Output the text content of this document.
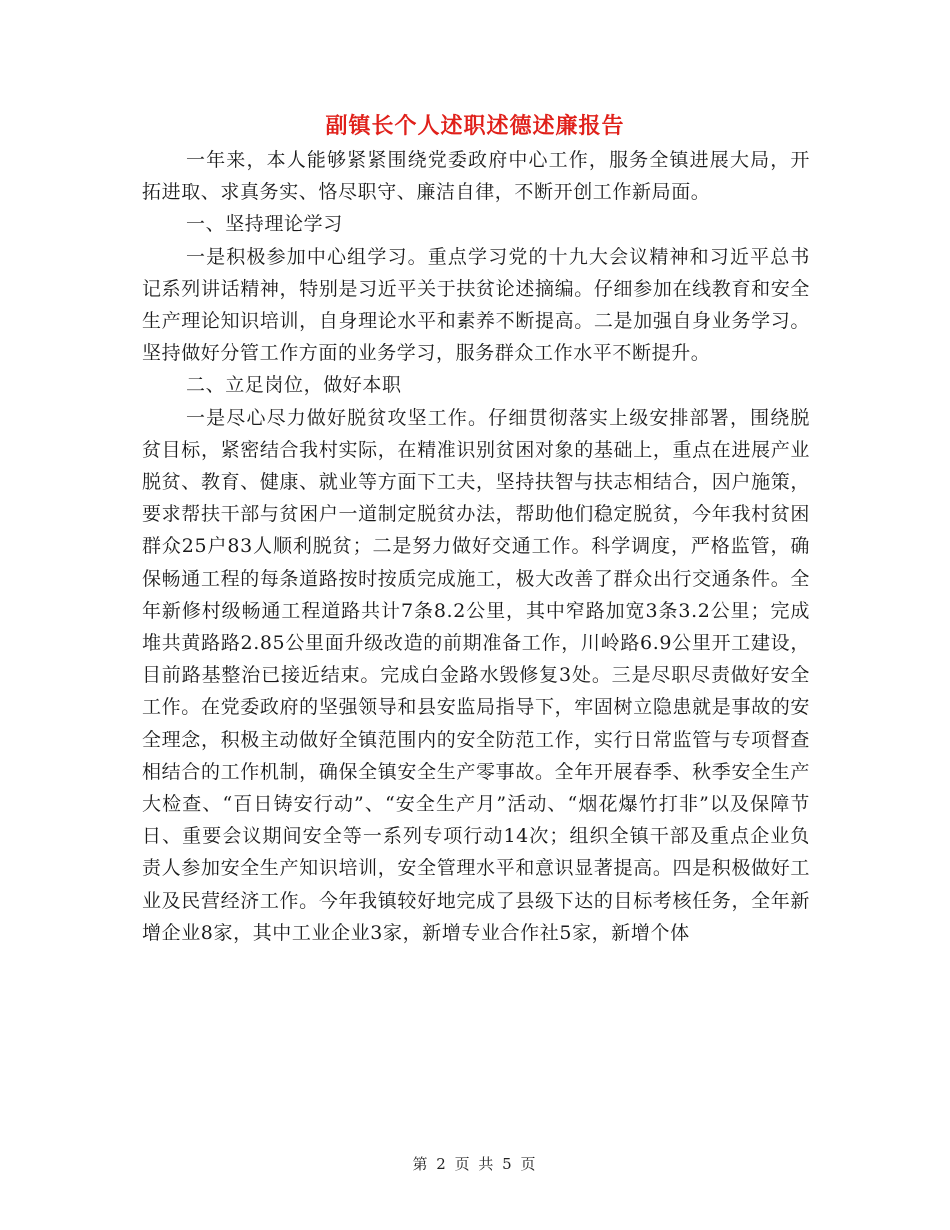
副镇长个人述职述德述廉报告

一年来，本人能够紧紧围绕党委政府中心工作，服务全镇进展大局，开拓进取、求真务实、恪尽职守、廉洁自律，不断开创工作新局面。

一、坚持理论学习

一是积极参加中心组学习。重点学习党的十九大会议精神和习近平总书记系列讲话精神，特别是习近平关于扶贫论述摘编。仔细参加在线教育和安全生产理论知识培训，自身理论水平和素养不断提高。二是加强自身业务学习。坚持做好分管工作方面的业务学习，服务群众工作水平不断提升。

二、立足岗位，做好本职

一是尽心尽力做好脱贫攻坚工作。仔细贯彻落实上级安排部署，围绕脱贫目标，紧密结合我村实际，在精准识别贫困对象的基础上，重点在进展产业脱贫、教育、健康、就业等方面下工夫，坚持扶智与扶志相结合，因户施策，要求帮扶干部与贫困户一道制定脱贫办法，帮助他们稳定脱贫，今年我村贫困群众25户83人顺利脱贫；二是努力做好交通工作。科学调度，严格监管，确保畅通工程的每条道路按时按质完成施工，极大改善了群众出行交通条件。全年新修村级畅通工程道路共计7条8.2公里，其中窄路加宽3条3.2公里；完成堆共黄路路2.85公里面升级改造的前期准备工作，川岭路6.9公里开工建设，目前路基整治已接近结束。完成白金路水毁修复3处。三是尽职尽责做好安全工作。在党委政府的坚强领导和县安监局指导下，牢固树立隐患就是事故的安全理念，积极主动做好全镇范围内的安全防范工作，实行日常监管与专项督查相结合的工作机制，确保全镇安全生产零事故。全年开展春季、秋季安全生产大检查、“百日铸安行动”、“安全生产月”活动、“烟花爆竹打非”以及保障节日、重要会议期间安全等一系列专项行动14次；组织全镇干部及重点企业负责人参加安全生产知识培训，安全管理水平和意识显著提高。四是积极做好工业及民营经济工作。今年我镇较好地完成了县级下达的目标考核任务，全年新增企业8家，其中工业企业3家，新增专业合作社5家，新增个体

第 2 页 共 5 页
